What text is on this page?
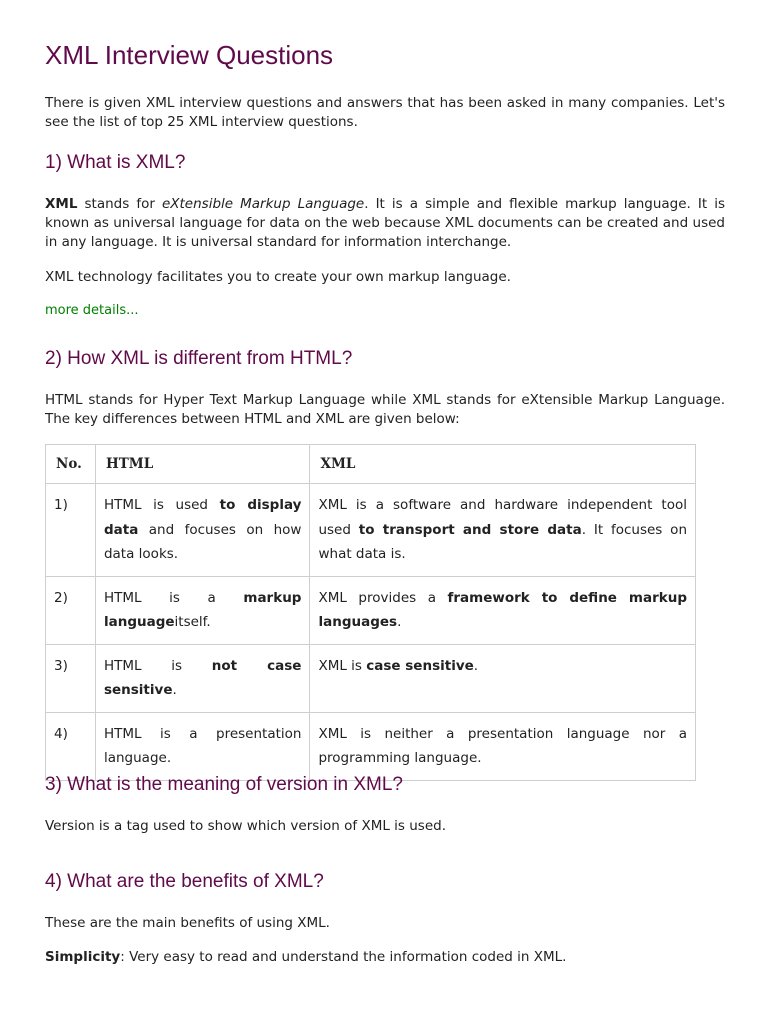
XML Interview Questions

There is given XML interview questions and answers that has been asked in many companies. Let's see the list of top 25 XML interview questions.

1) What is XML?

XML stands for eXtensible Markup Language. It is a simple and flexible markup language. It is known as universal language for data on the web because XML documents can be created and used in any language. It is universal standard for information interchange.

XML technology facilitates you to create your own markup language.

more details...

2) How XML is different from HTML?

HTML stands for Hyper Text Markup Language while XML stands for eXtensible Markup Language. The key differences between HTML and XML are given below:

No.	HTML	XML
1)	HTML is used to display data and focuses on how data looks.	XML is a software and hardware independent tool used to transport and store data. It focuses on what data is.
2)	HTML is a markup languageitself.	XML provides a framework to define markup languages.
3)	HTML is not case sensitive.	XML is case sensitive.
4)	HTML is a presentation language.	XML is neither a presentation language nor a programming language.
3) What is the meaning of version in XML?

Version is a tag used to show which version of XML is used.

4) What are the benefits of XML?

These are the main benefits of using XML.

Simplicity: Very easy to read and understand the information coded in XML.
